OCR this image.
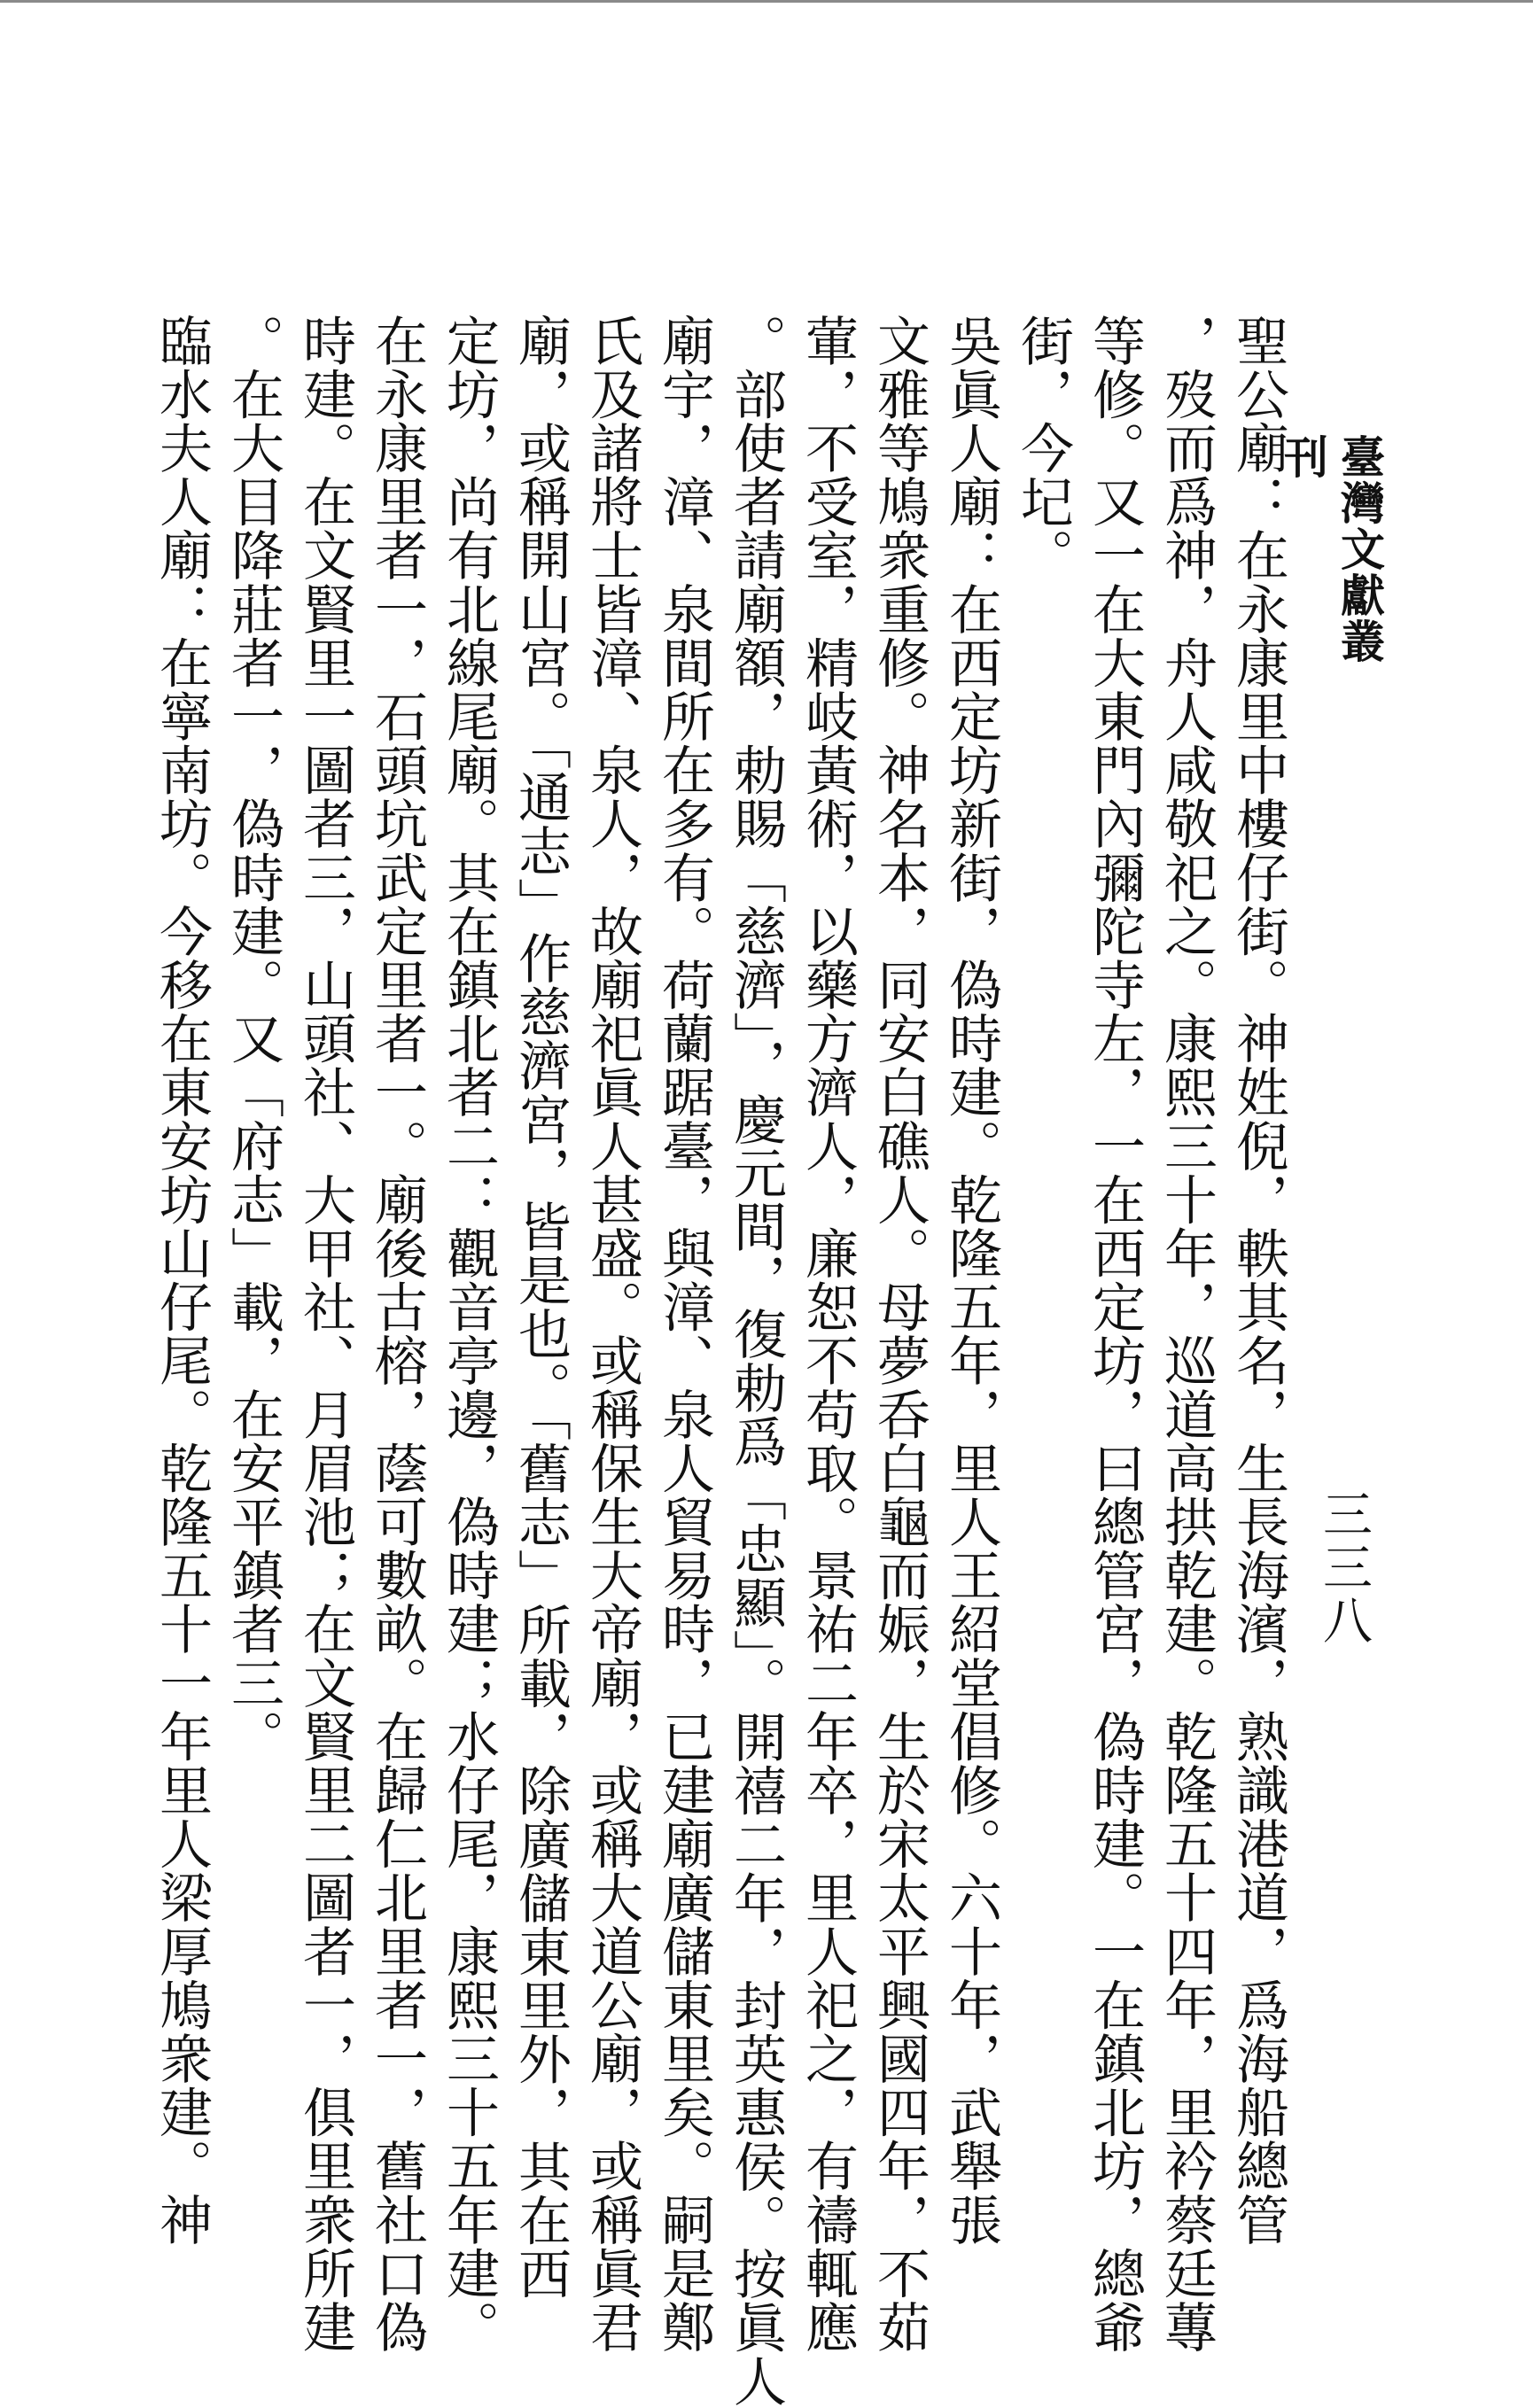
臺灣文獻叢刊
三三八

聖公廟：在永康里中樓仔街。神姓倪，軼其名，生長海濱，熟識港道，爲海船總管
，歿而爲神，舟人咸敬祀之。康熙三十年，巡道高拱乾建。乾隆五十四年，里衿蔡廷蓴
等修。又一在大東門內彌陀寺左，一在西定坊，曰總管宮，偽時建。一在鎮北坊，總爺
街，今圮。

吳眞人廟：在西定坊新街，偽時建。乾隆五年，里人王紹堂倡修。六十年，武舉張
文雅等鳩衆重修。神名本，同安白礁人。母夢呑白龜而娠，生於宋太平興國四年，不茹
葷，不受室，精岐黃術，以藥方濟人，廉恕不苟取。景祐二年卒，里人祀之，有禱輒應
。部使者請廟額，勅賜「慈濟」，慶元間，復勅爲「忠顯」。開禧二年，封英惠侯。按眞人
廟宇，漳、泉間所在多有。荷蘭踞臺，與漳、泉人貿易時，已建廟廣儲東里矣。嗣是鄭
氏及諸將士皆漳、泉人，故廟祀眞人甚盛。或稱保生大帝廟，或稱大道公廟，或稱眞君
廟，或稱開山宮。「通志」作慈濟宮，皆是也。「舊志」所載，除廣儲東里外，其在西
定坊，尚有北線尾廟。其在鎮北者二：觀音亭邊，偽時建；水仔尾，康熙三十五年建。
在永康里者一，石頭坑武定里者一。廟後古榕，蔭可數畝。在歸仁北里者一，舊社口偽
時建。在文賢里一圖者三，山頭社、大甲社、月眉池；在文賢里二圖者一，俱里衆所建
。在大目降莊者一，偽時建。又「府志」載，在安平鎮者三。

臨水夫人廟：在寧南坊。今移在東安坊山仔尾。乾隆五十一年里人梁厚鳩衆建。神
